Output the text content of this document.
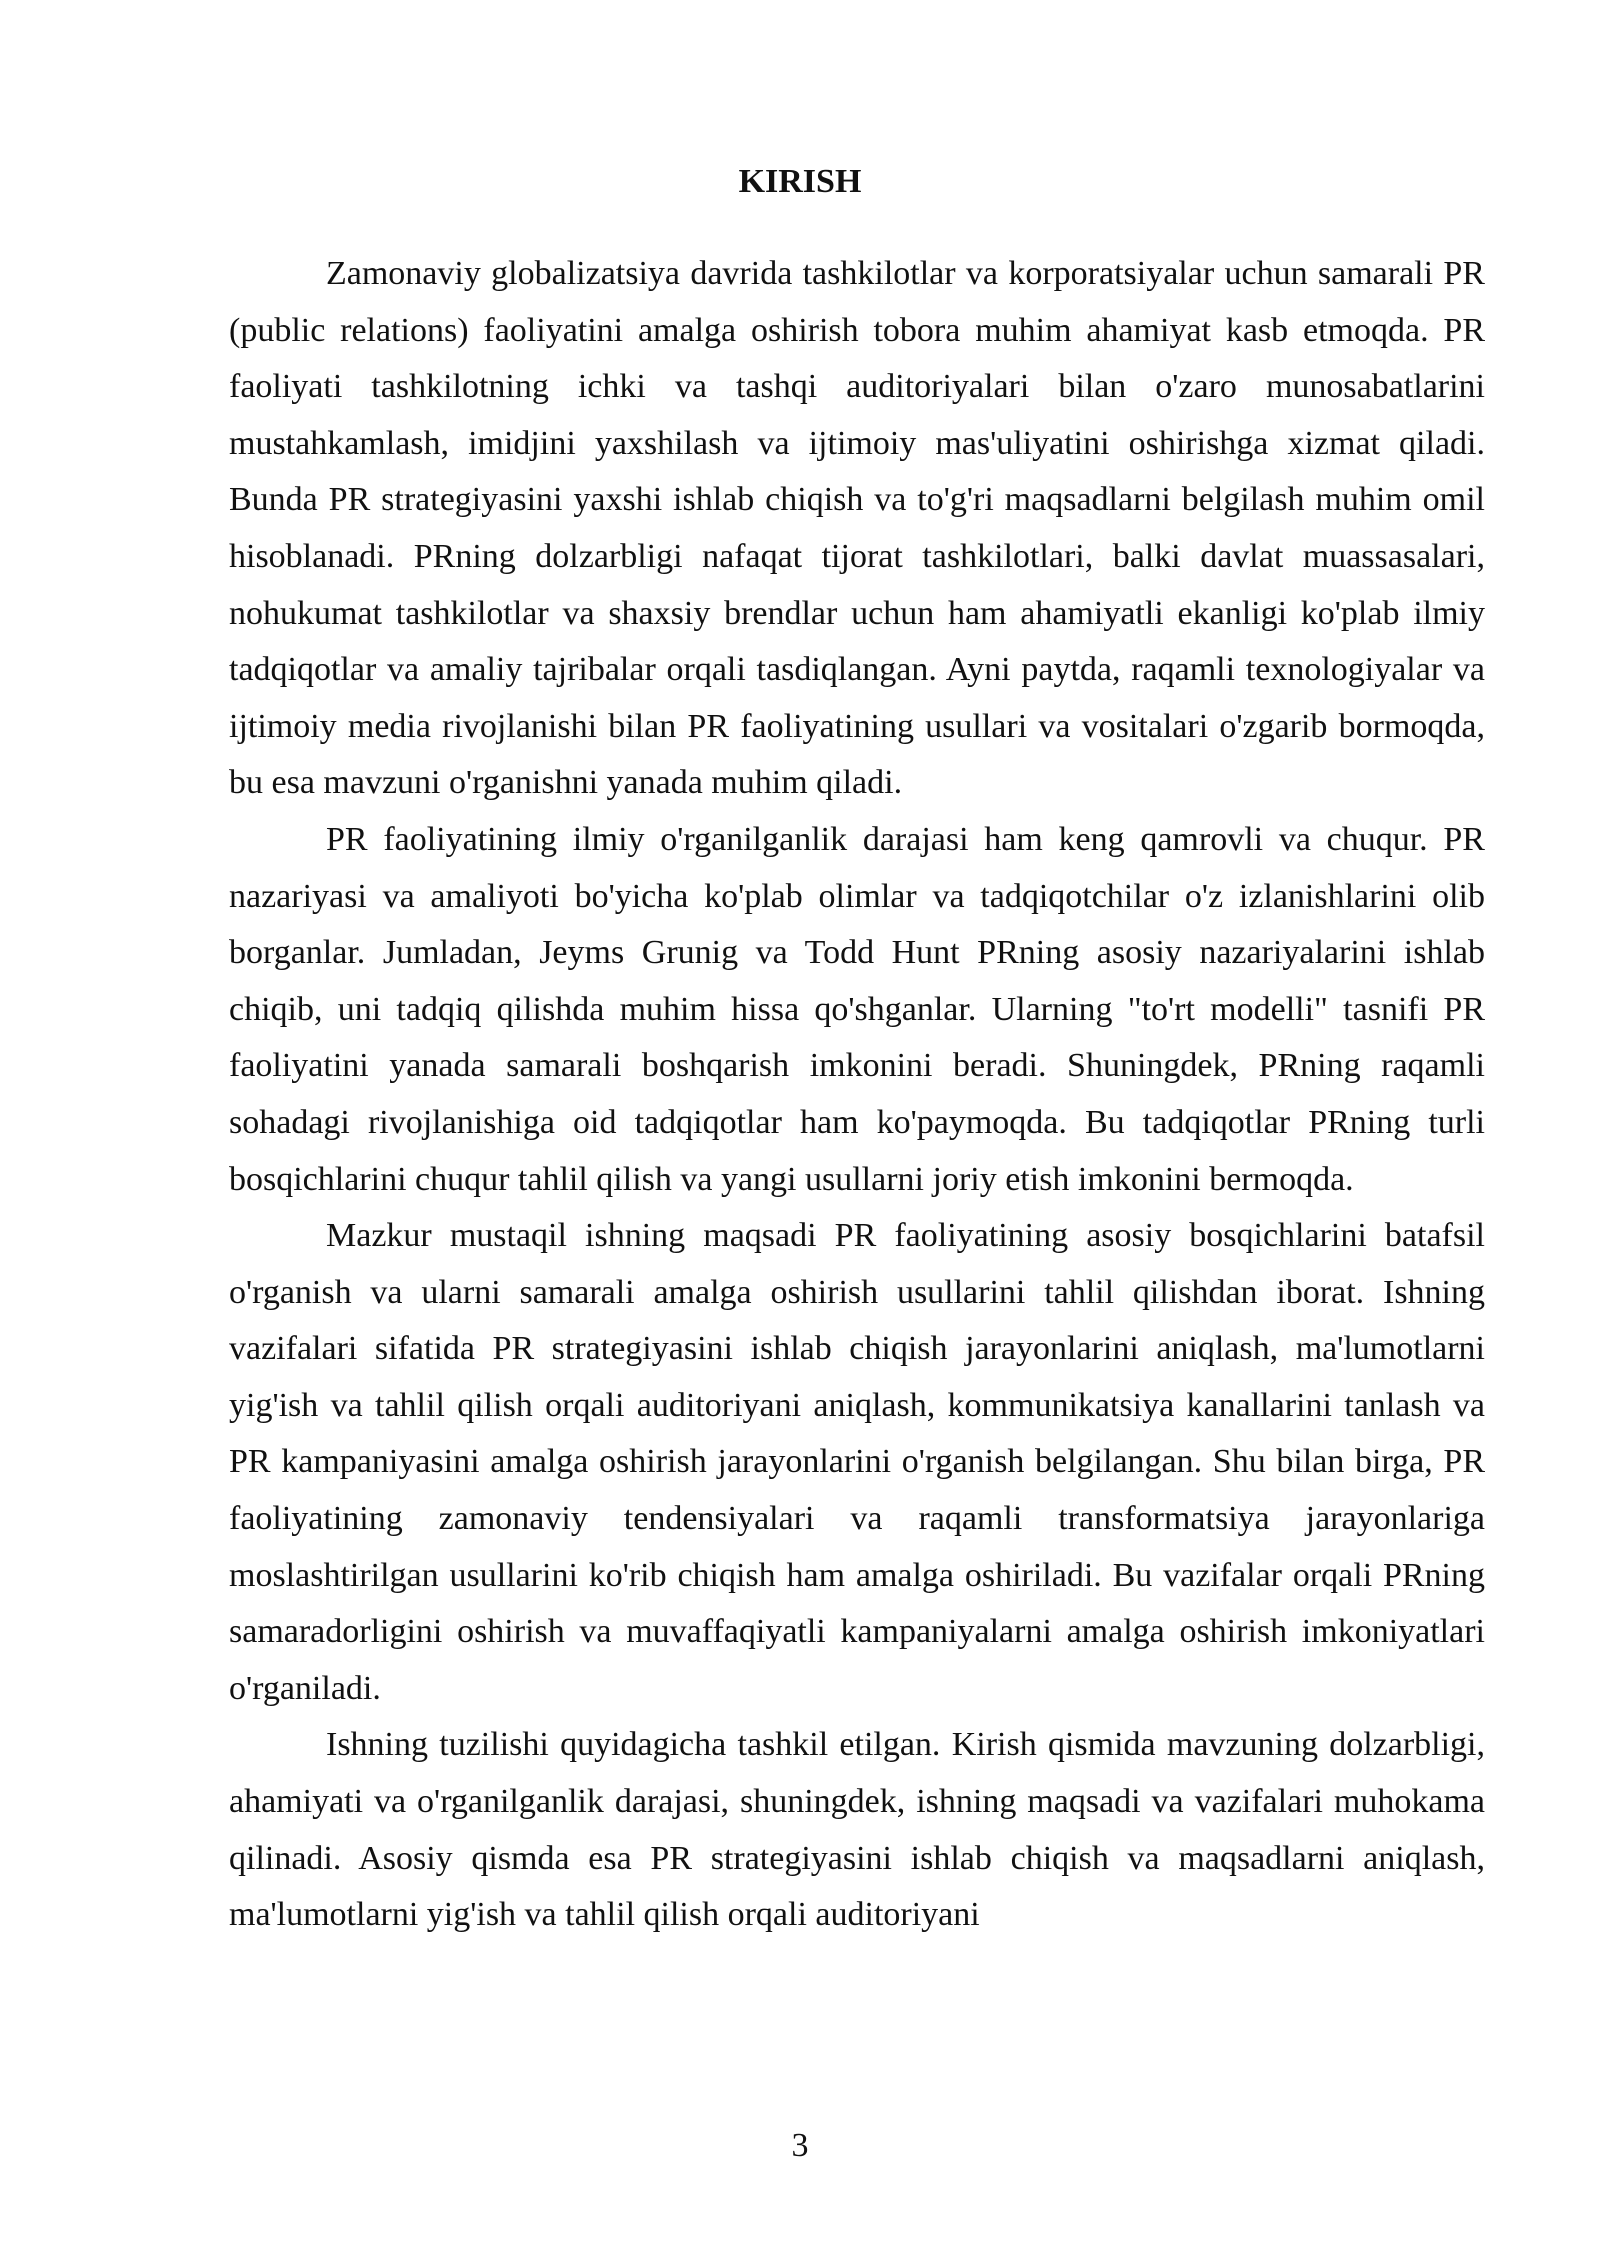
KIRISH

Zamonaviy globalizatsiya davrida tashkilotlar va korporatsiyalar uchun samarali PR (public relations) faoliyatini amalga oshirish tobora muhim ahamiyat kasb etmoqda. PR faoliyati tashkilotning ichki va tashqi auditoriyalari bilan o'zaro munosabatlarini mustahkamlash, imidjini yaxshilash va ijtimoiy mas'uliyatini oshirishga xizmat qiladi. Bunda PR strategiyasini yaxshi ishlab chiqish va to'g'ri maqsadlarni belgilash muhim omil hisoblanadi. PRning dolzarbligi nafaqat tijorat tashkilotlari, balki davlat muassasalari, nohukumat tashkilotlar va shaxsiy brendlar uchun ham ahamiyatli ekanligi ko'plab ilmiy tadqiqotlar va amaliy tajribalar orqali tasdiqlangan. Ayni paytda, raqamli texnologiyalar va ijtimoiy media rivojlanishi bilan PR faoliyatining usullari va vositalari o'zgarib bormoqda, bu esa mavzuni o'rganishni yanada muhim qiladi.

PR faoliyatining ilmiy o'rganilganlik darajasi ham keng qamrovli va chuqur. PR nazariyasi va amaliyoti bo'yicha ko'plab olimlar va tadqiqotchilar o'z izlanishlarini olib borganlar. Jumladan, Jeyms Grunig va Todd Hunt PRning asosiy nazariyalarini ishlab chiqib, uni tadqiq qilishda muhim hissa qo'shganlar. Ularning "to'rt modelli" tasnifi PR faoliyatini yanada samarali boshqarish imkonini beradi. Shuningdek, PRning raqamli sohadagi rivojlanishiga oid tadqiqotlar ham ko'paymoqda. Bu tadqiqotlar PRning turli bosqichlarini chuqur tahlil qilish va yangi usullarni joriy etish imkonini bermoqda.

Mazkur mustaqil ishning maqsadi PR faoliyatining asosiy bosqichlarini batafsil o'rganish va ularni samarali amalga oshirish usullarini tahlil qilishdan iborat. Ishning vazifalari sifatida PR strategiyasini ishlab chiqish jarayonlarini aniqlash, ma'lumotlarni yig'ish va tahlil qilish orqali auditoriyani aniqlash, kommunikatsiya kanallarini tanlash va PR kampaniyasini amalga oshirish jarayonlarini o'rganish belgilangan. Shu bilan birga, PR faoliyatining zamonaviy tendensiyalari va raqamli transformatsiya jarayonlariga moslashtirilgan usullarini ko'rib chiqish ham amalga oshiriladi. Bu vazifalar orqali PRning samaradorligini oshirish va muvaffaqiyatli kampaniyalarni amalga oshirish imkoniyatlari o'rganiladi.

Ishning tuzilishi quyidagicha tashkil etilgan. Kirish qismida mavzuning dolzarbligi, ahamiyati va o'rganilganlik darajasi, shuningdek, ishning maqsadi va vazifalari muhokama qilinadi. Asosiy qismda esa PR strategiyasini ishlab chiqish va maqsadlarni aniqlash, ma'lumotlarni yig'ish va tahlil qilish orqali auditoriyani

3
